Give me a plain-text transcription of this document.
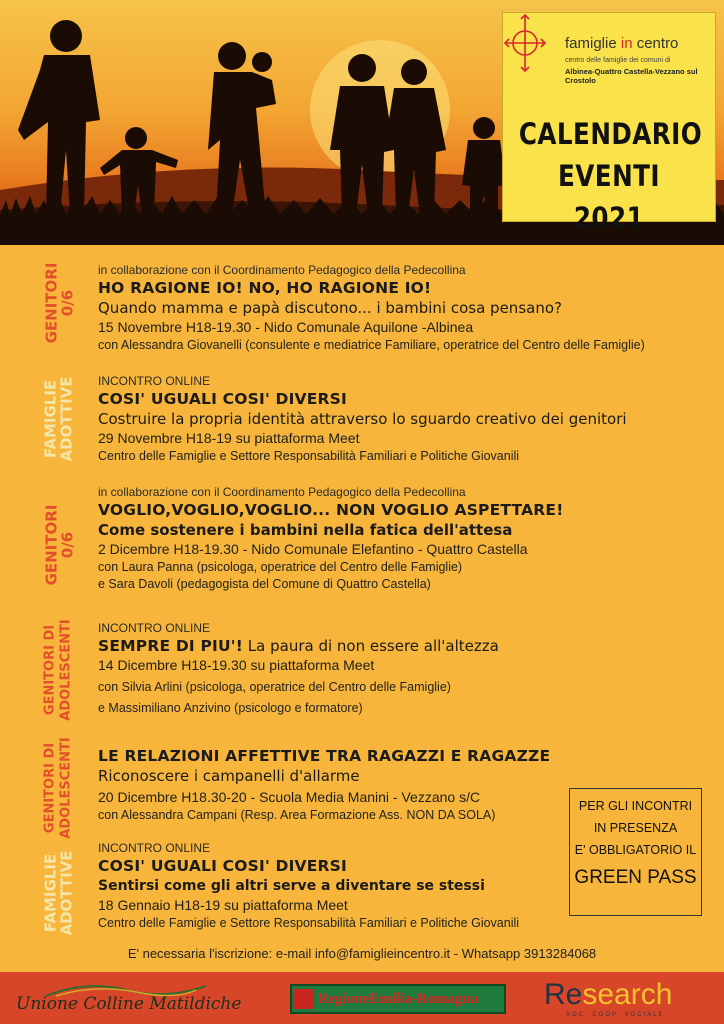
famiglie in centro
centro delle famiglie dei comuni di
Albinea-Quattro Castella-Vezzano sul Crostolo
CALENDARIO
EVENTI 2021
GENITORI
0/6

in collaborazione con il Coordinamento Pedagogico della Pedecollina

HO RAGIONE IO! NO, HO RAGIONE IO!

Quando mamma e papà discutono... i bambini cosa pensano?

15 Novembre H18-19.30 - Nido Comunale Aquilone -Albinea

con Alessandra Giovanelli (consulente e mediatrice Familiare, operatrice del Centro delle Famiglie)

FAMIGLIE
ADOTTIVE INCONTRO ONLINE

COSI' UGUALI COSI' DIVERSI

Costruire la propria identità attraverso lo sguardo creativo dei genitori

29 Novembre H18-19 su piattaforma Meet

Centro delle Famiglie e Settore Responsabilità Familiari e Politiche Giovanili

GENITORI
0/6

in collaborazione con il Coordinamento Pedagogico della Pedecollina

VOGLIO,VOGLIO,VOGLIO... NON VOGLIO ASPETTARE!

Come sostenere i bambini nella fatica dell'attesa

2 Dicembre H18-19.30 - Nido Comunale Elefantino - Quattro Castella

con Laura Panna (psicologa, operatrice del Centro delle Famiglie)

e Sara Davoli (pedagogista del Comune di Quattro Castella)

GENITORI DI ADOLESCENTI INCONTRO ONLINE

SEMPRE DI PIU'! La paura di non essere all'altezza

14 Dicembre H18-19.30 su piattaforma Meet

con Silvia Arlini (psicologa, operatrice del Centro delle Famiglie)

e Massimiliano Anzivino (psicologo e formatore)

GENITORI DI ADOLESCENTI LE RELAZIONI AFFETTIVE TRA RAGAZZI E RAGAZZE

Riconoscere i campanelli d'allarme

20 Dicembre H18.30-20 - Scuola Media Manini - Vezzano s/C

con Alessandra Campani (Resp. Area Formazione Ass. NON DA SOLA)

FAMIGLIE
ADOTTIVE

INCONTRO ONLINE

COSI' UGUALI COSI' DIVERSI

Sentirsi come gli altri serve a diventare se stessi

18 Gennaio H18-19 su piattaforma Meet

Centro delle Famiglie e Settore Responsabilità Familiari e Politiche Giovanili

PER GLI INCONTRI
IN PRESENZA
E' OBBLIGATORIO IL
GREEN PASS
E' necessaria l'iscrizione: e-mail info@famiglieincentro.it - Whatsapp 3913284068
Unione Colline Matildiche	RegioneEmilia-Romagna	Research
SOC. COOP. SOCIALE
